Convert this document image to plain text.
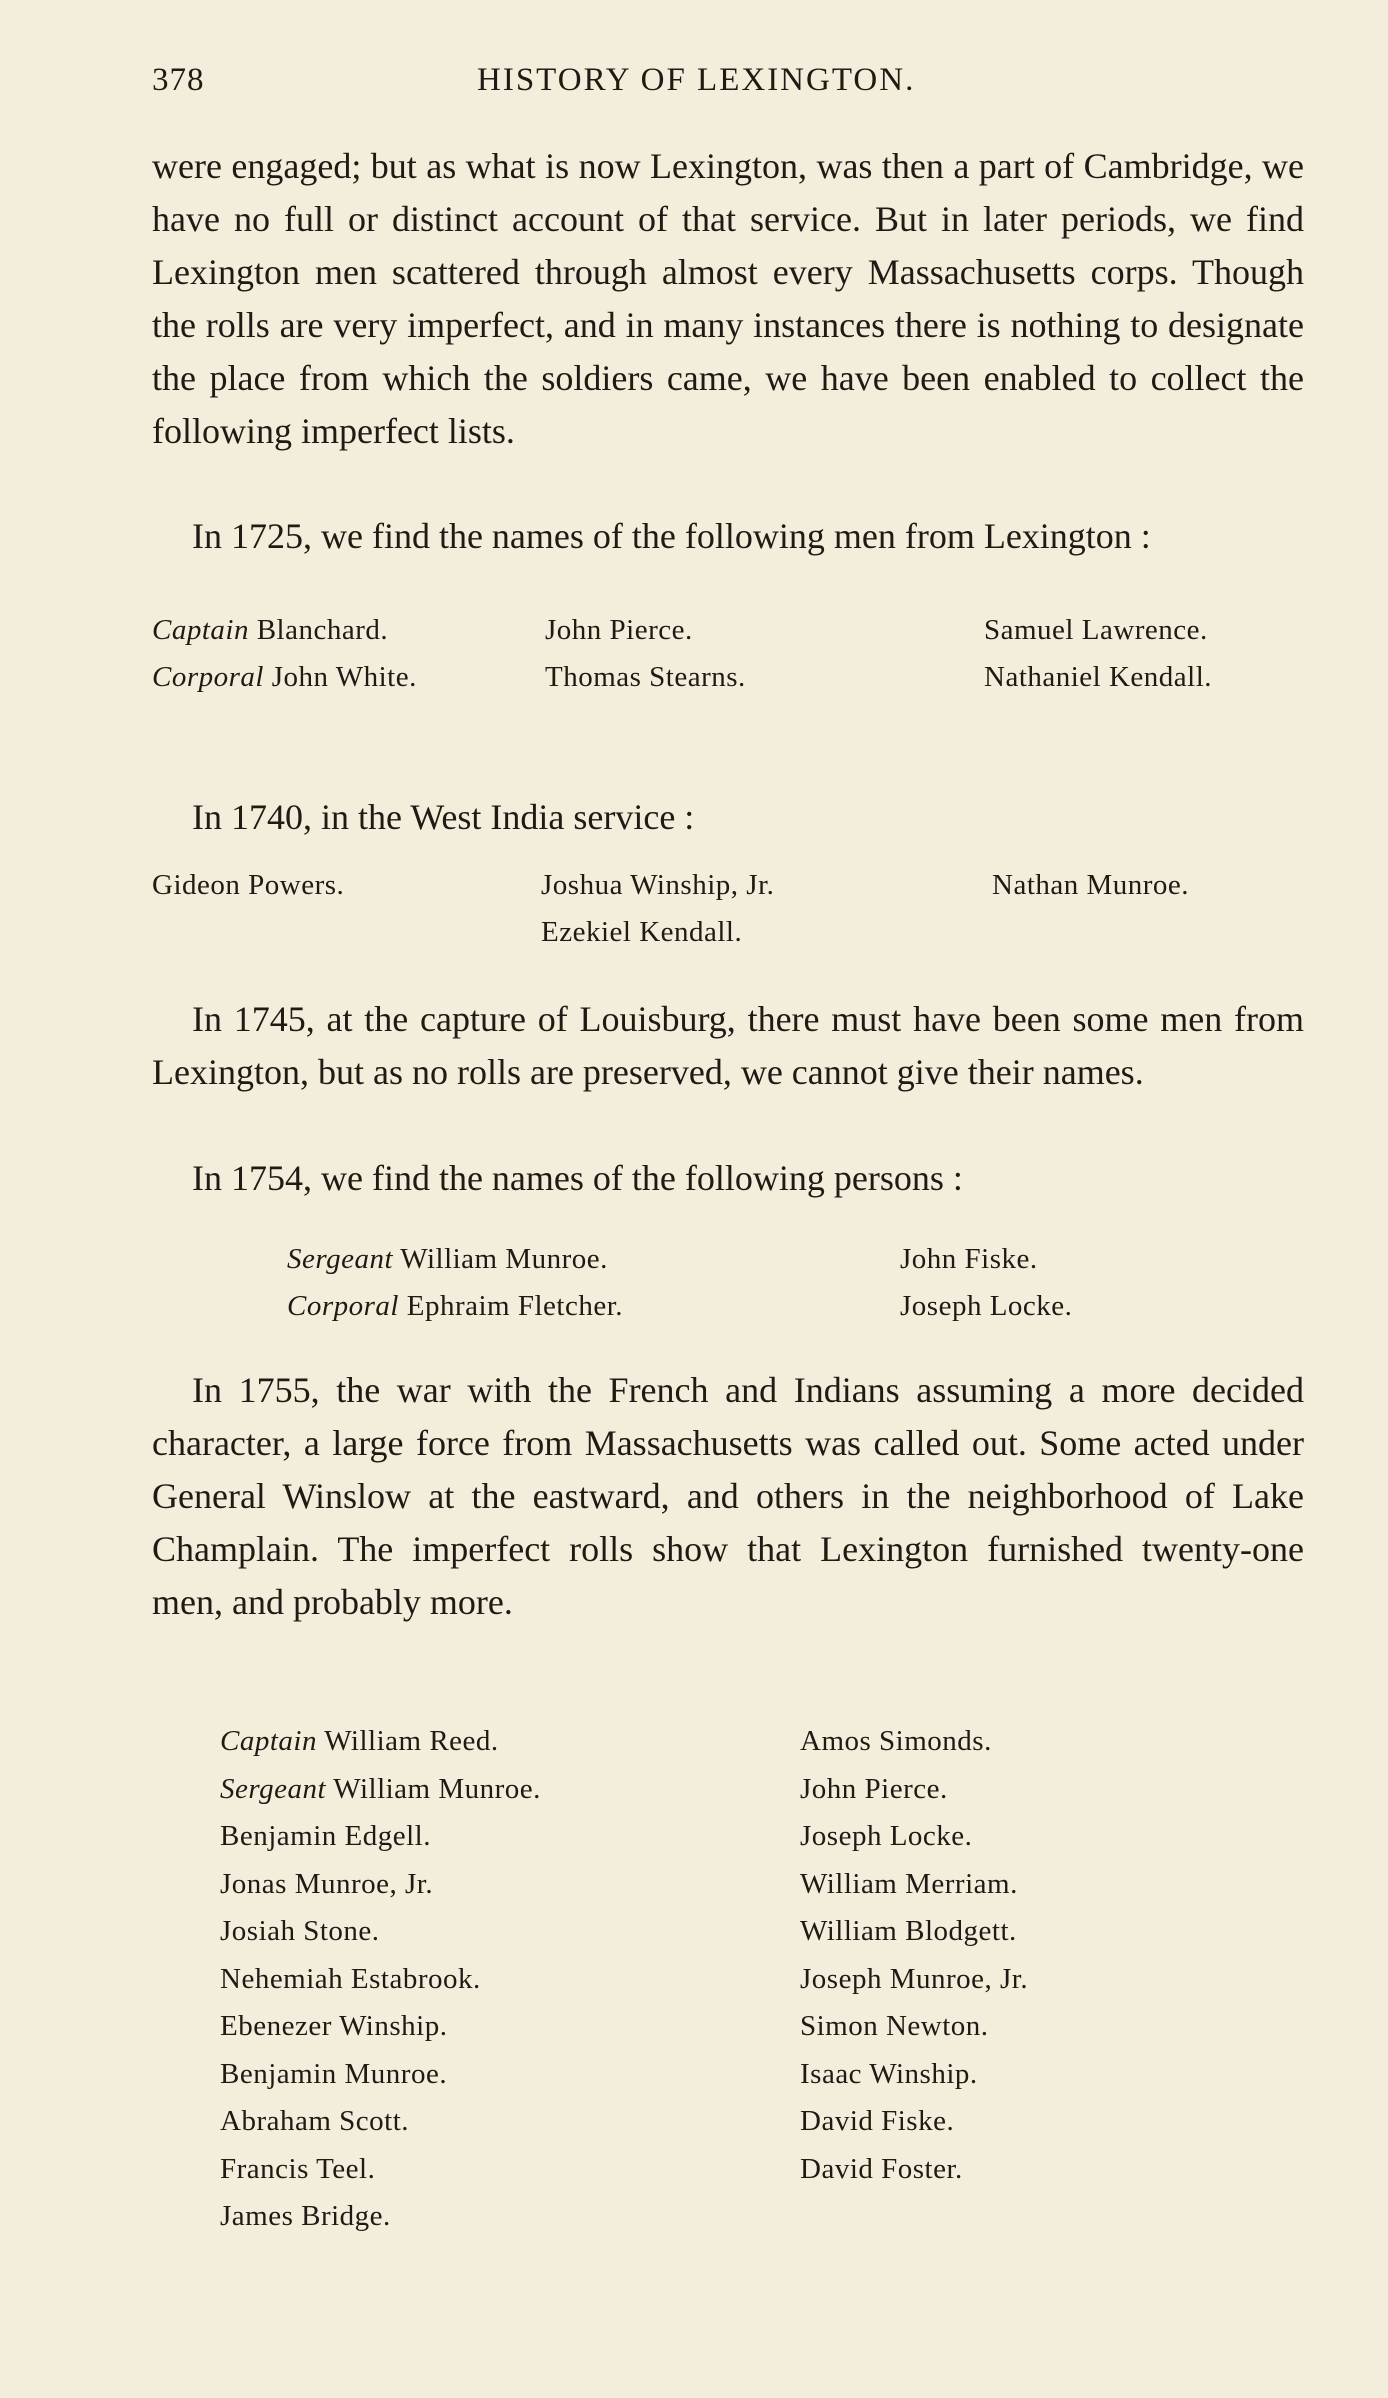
378	HISTORY OF LEXINGTON.

were engaged; but as what is now Lexington, was then a part of Cambridge, we have no full or distinct account of that service. But in later periods, we find Lexington men scattered through almost every Massachusetts corps. Though the rolls are very imperfect, and in many instances there is nothing to designate the place from which the soldiers came, we have been enabled to collect the following imperfect lists.

In 1725, we find the names of the following men from Lexington :

Captain Blanchard.
Corporal John White.
John Pierce.
Thomas Stearns.
Samuel Lawrence.
Nathaniel Kendall.

In 1740, in the West India service :

Gideon Powers.	Joshua Winship, Jr.
Ezekiel Kendall.
Nathan Munroe.

In 1745, at the capture of Louisburg, there must have been some men from Lexington, but as no rolls are preserved, we cannot give their names.

In 1754, we find the names of the following persons :

Sergeant William Munroe.
Corporal Ephraim Fletcher.
John Fiske.
Joseph Locke.

In 1755, the war with the French and Indians assuming a more decided character, a large force from Massachusetts was called out. Some acted under General Winslow at the eastward, and others in the neighborhood of Lake Champlain. The imperfect rolls show that Lexington furnished twenty-one men, and probably more.

Captain William Reed.
Sergeant William Munroe.
Benjamin Edgell.
Jonas Munroe, Jr.
Josiah Stone.
Nehemiah Estabrook.
Ebenezer Winship.
Benjamin Munroe.
Abraham Scott.
Francis Teel.
James Bridge.
Amos Simonds.
John Pierce.
Joseph Locke.
William Merriam.
William Blodgett.
Joseph Munroe, Jr.
Simon Newton.
Isaac Winship.
David Fiske.
David Foster.
